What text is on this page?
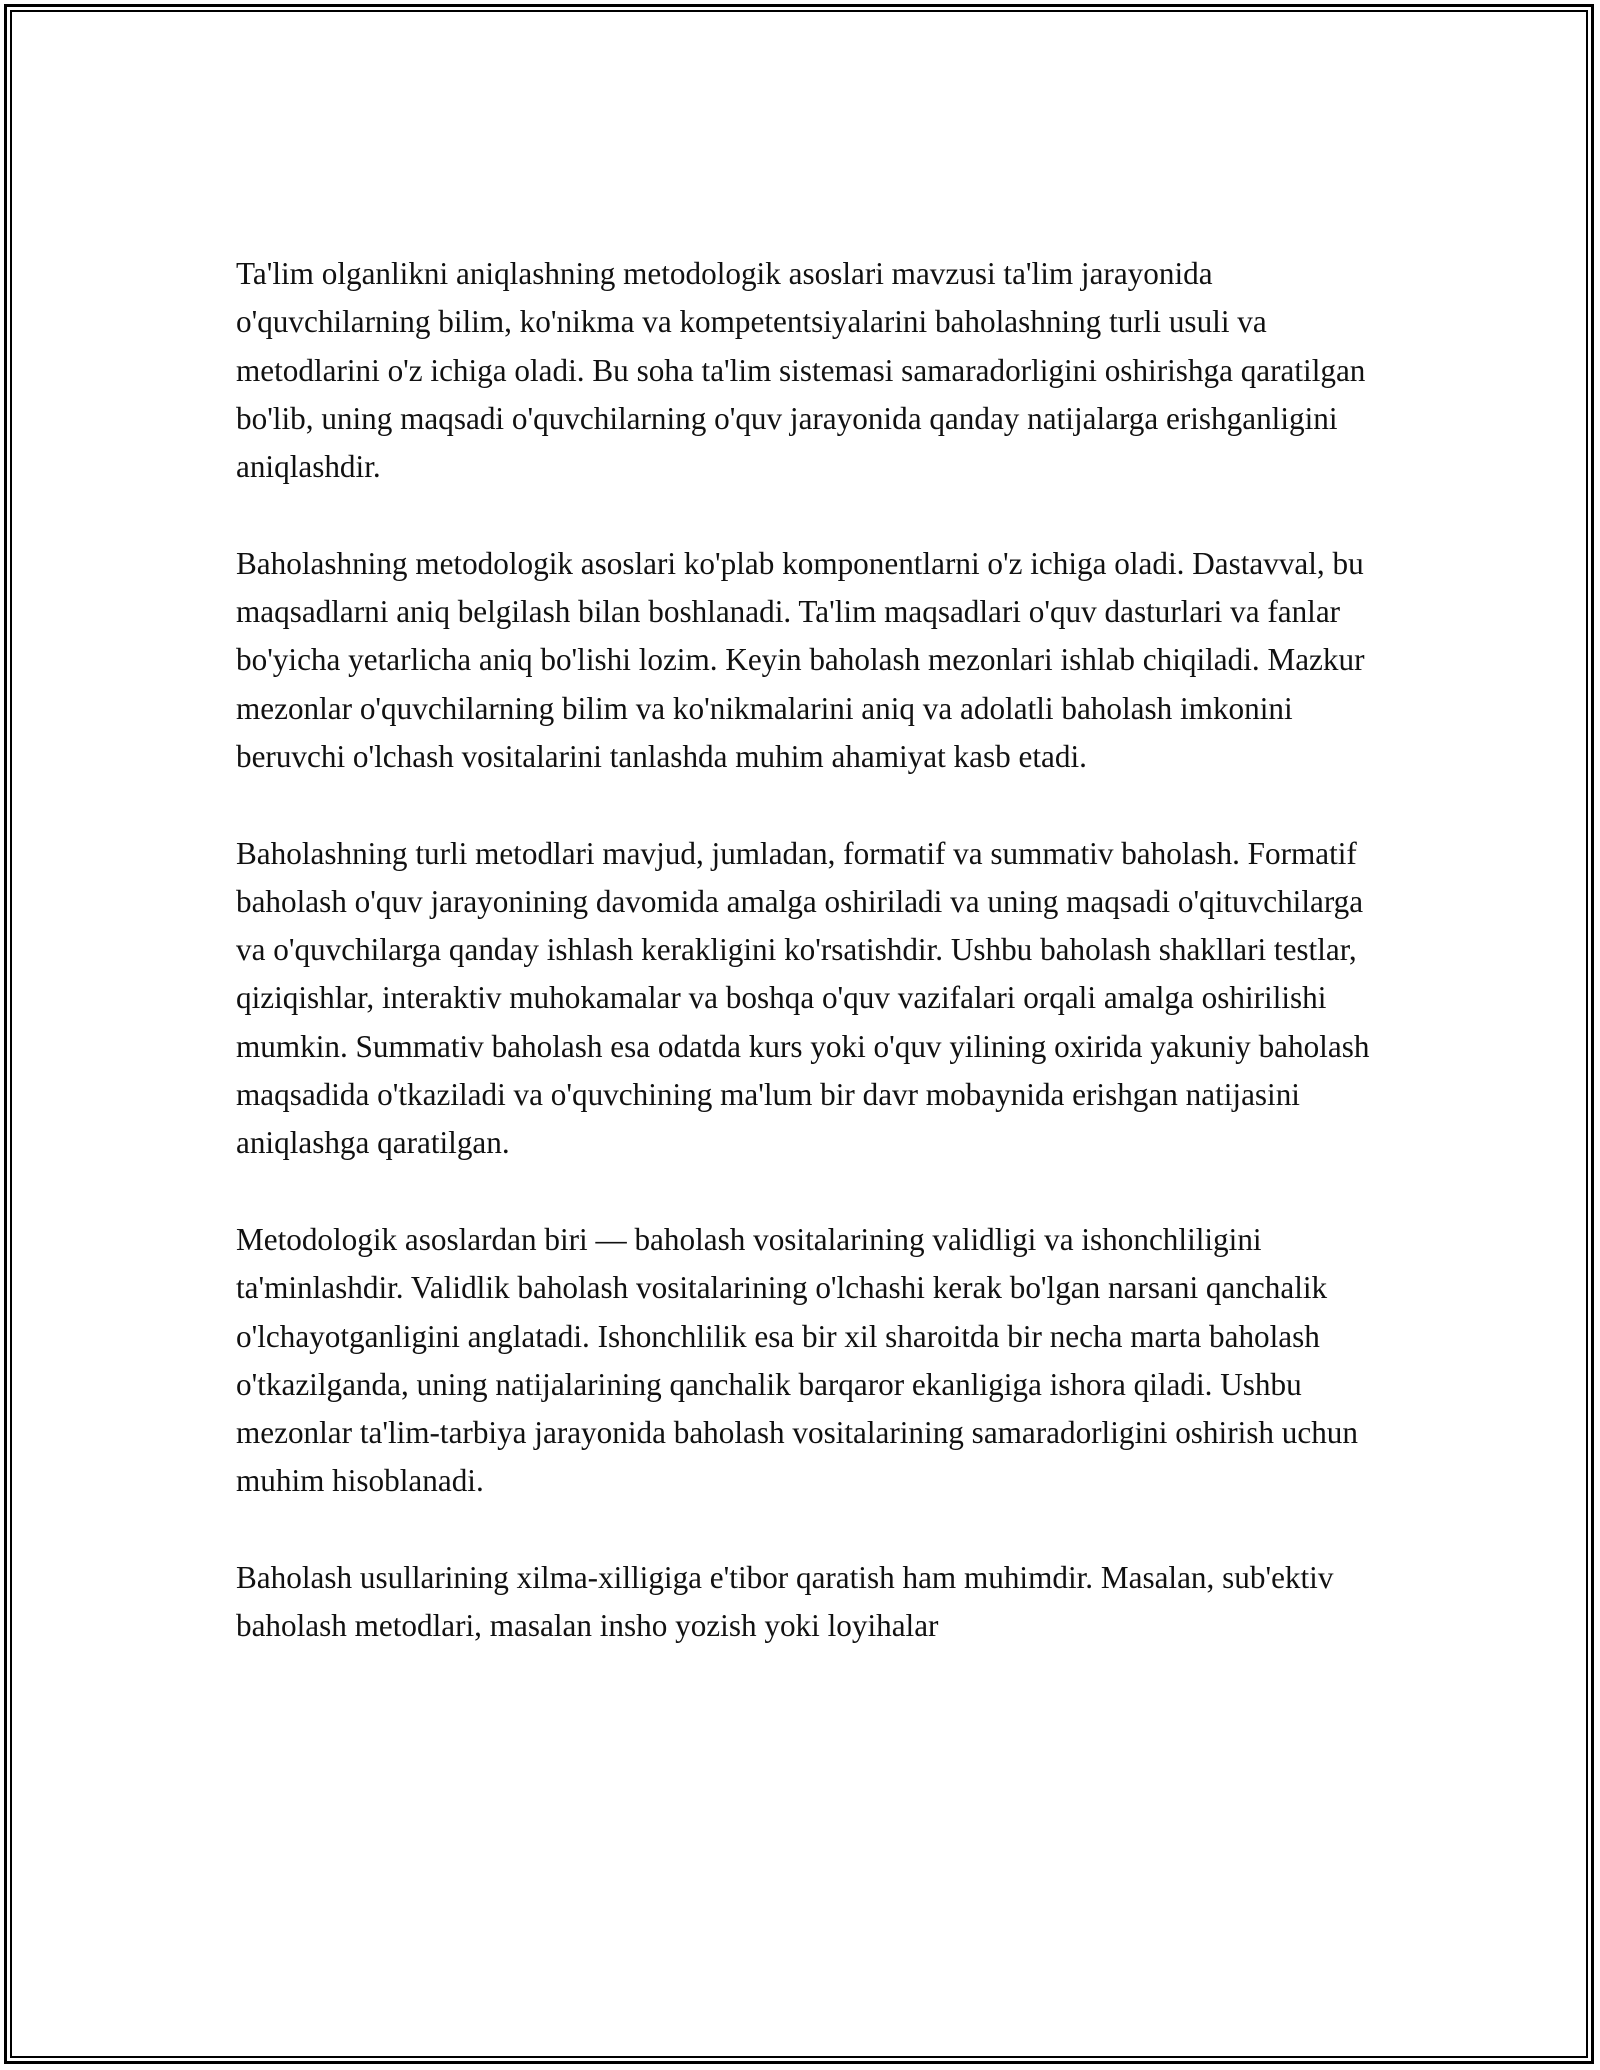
Ta'lim olganlikni aniqlashning metodologik asoslari mavzusi ta'lim jarayonida o'quvchilarning bilim, ko'nikma va kompetentsiyalarini baholashning turli usuli va metodlarini o'z ichiga oladi. Bu soha ta'lim sistemasi samaradorligini oshirishga qaratilgan bo'lib, uning maqsadi o'quvchilarning o'quv jarayonida qanday natijalarga erishganligini aniqlashdir.

Baholashning metodologik asoslari ko'plab komponentlarni o'z ichiga oladi. Dastavval, bu maqsadlarni aniq belgilash bilan boshlanadi. Ta'lim maqsadlari o'quv dasturlari va fanlar bo'yicha yetarlicha aniq bo'lishi lozim. Keyin baholash mezonlari ishlab chiqiladi. Mazkur mezonlar o'quvchilarning bilim va ko'nikmalarini aniq va adolatli baholash imkonini beruvchi o'lchash vositalarini tanlashda muhim ahamiyat kasb etadi.

Baholashning turli metodlari mavjud, jumladan, formatif va summativ baholash. Formatif baholash o'quv jarayonining davomida amalga oshiriladi va uning maqsadi o'qituvchilarga va o'quvchilarga qanday ishlash kerakligini ko'rsatishdir. Ushbu baholash shakllari testlar, qiziqishlar, interaktiv muhokamalar va boshqa o'quv vazifalari orqali amalga oshirilishi mumkin. Summativ baholash esa odatda kurs yoki o'quv yilining oxirida yakuniy baholash maqsadida o'tkaziladi va o'quvchining ma'lum bir davr mobaynida erishgan natijasini aniqlashga qaratilgan.

Metodologik asoslardan biri — baholash vositalarining validligi va ishonchliligini ta'minlashdir. Validlik baholash vositalarining o'lchashi kerak bo'lgan narsani qanchalik o'lchayotganligini anglatadi. Ishonchlilik esa bir xil sharoitda bir necha marta baholash o'tkazilganda, uning natijalarining qanchalik barqaror ekanligiga ishora qiladi. Ushbu mezonlar ta'lim-tarbiya jarayonida baholash vositalarining samaradorligini oshirish uchun muhim hisoblanadi.

Baholash usullarining xilma-xilligiga e'tibor qaratish ham muhimdir. Masalan, sub'ektiv baholash metodlari, masalan insho yozish yoki loyihalar
